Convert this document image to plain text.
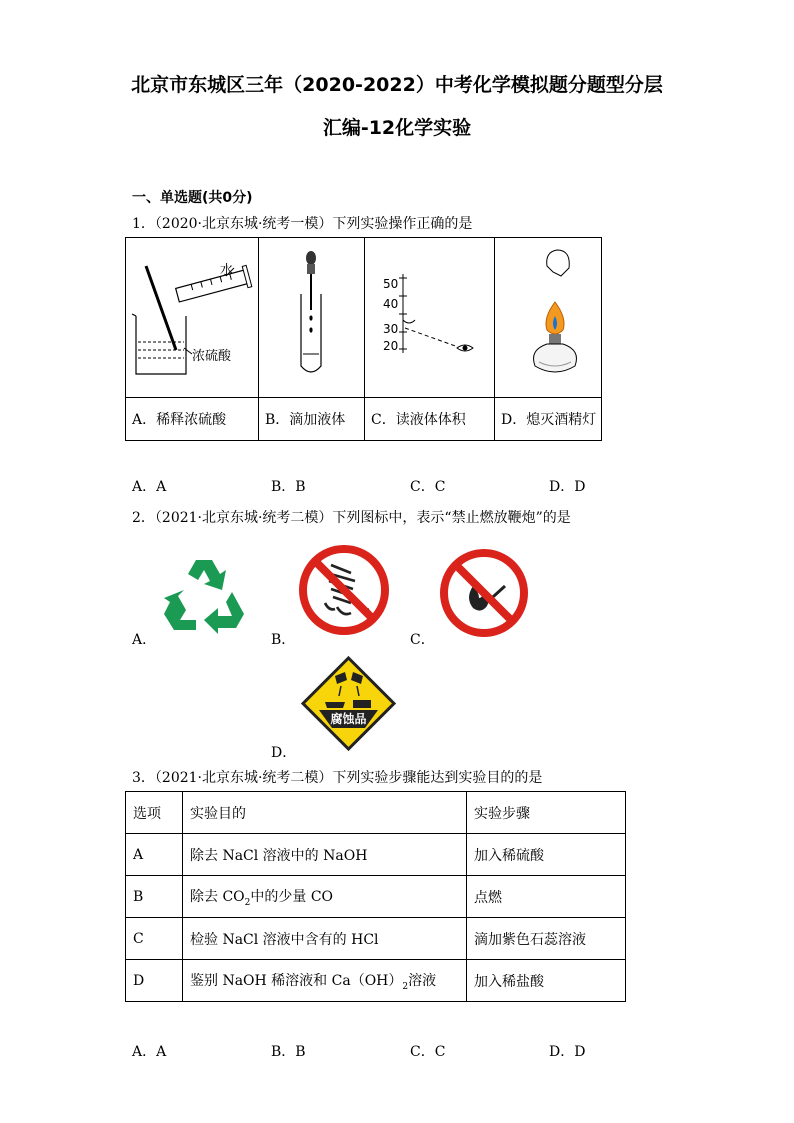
北京市东城区三年（2020-2022）中考化学模拟题分题型分层
汇编-12化学实验
一、单选题(共0分)
1．（2020·北京东城·统考一模）下列实验操作正确的是
水
浓硫酸		50
40
30
20

A．稀释浓硫酸	B．滴加液体	C．读液体体积	D．熄灭酒精灯
A．A	B．B	C．C	D．D
2．（2021·北京东城·统考二模）下列图标中，表示“禁止燃放鞭炮”的是
A．	B．	C．
腐蚀品
D．
3．（2021·北京东城·统考二模）下列实验步骤能达到实验目的的是
选项	实验目的	实验步骤
A	除去 NaCl 溶液中的 NaOH	加入稀硫酸
B	除去 $CO_2$中的少量 CO	点燃
C	检验 NaCl 溶液中含有的 HCl	滴加紫色石蕊溶液
D	鉴别 NaOH 稀溶液和 $Ca(OH)_2$溶液	加入稀盐酸
A．A	B．B	C．C	D．D
